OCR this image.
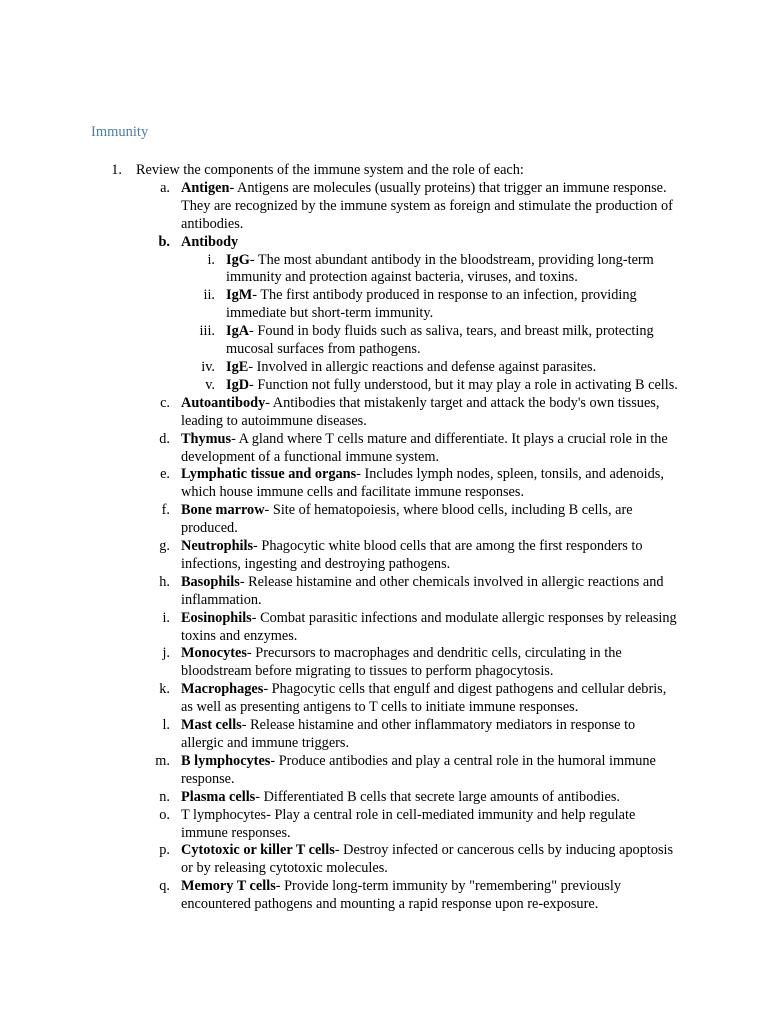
Immunity
1. Review the components of the immune system and the role of each:
a. Antigen- Antigens are molecules (usually proteins) that trigger an immune response. They are recognized by the immune system as foreign and stimulate the production of antibodies.
b. Antibody
i. IgG- The most abundant antibody in the bloodstream, providing long-term immunity and protection against bacteria, viruses, and toxins.
ii. IgM- The first antibody produced in response to an infection, providing immediate but short-term immunity.
iii. IgA- Found in body fluids such as saliva, tears, and breast milk, protecting mucosal surfaces from pathogens.
iv. IgE- Involved in allergic reactions and defense against parasites.
v. IgD- Function not fully understood, but it may play a role in activating B cells.
c. Autoantibody- Antibodies that mistakenly target and attack the body's own tissues, leading to autoimmune diseases.
d. Thymus- A gland where T cells mature and differentiate. It plays a crucial role in the development of a functional immune system.
e. Lymphatic tissue and organs- Includes lymph nodes, spleen, tonsils, and adenoids, which house immune cells and facilitate immune responses.
f. Bone marrow- Site of hematopoiesis, where blood cells, including B cells, are produced.
g. Neutrophils- Phagocytic white blood cells that are among the first responders to infections, ingesting and destroying pathogens.
h. Basophils- Release histamine and other chemicals involved in allergic reactions and inflammation.
i. Eosinophils- Combat parasitic infections and modulate allergic responses by releasing toxins and enzymes.
j. Monocytes- Precursors to macrophages and dendritic cells, circulating in the bloodstream before migrating to tissues to perform phagocytosis.
k. Macrophages- Phagocytic cells that engulf and digest pathogens and cellular debris, as well as presenting antigens to T cells to initiate immune responses.
l. Mast cells- Release histamine and other inflammatory mediators in response to allergic and immune triggers.
m. B lymphocytes- Produce antibodies and play a central role in the humoral immune response.
n. Plasma cells- Differentiated B cells that secrete large amounts of antibodies.
o. T lymphocytes- Play a central role in cell-mediated immunity and help regulate immune responses.
p. Cytotoxic or killer T cells- Destroy infected or cancerous cells by inducing apoptosis or by releasing cytotoxic molecules.
q. Memory T cells- Provide long-term immunity by "remembering" previously encountered pathogens and mounting a rapid response upon re-exposure.
